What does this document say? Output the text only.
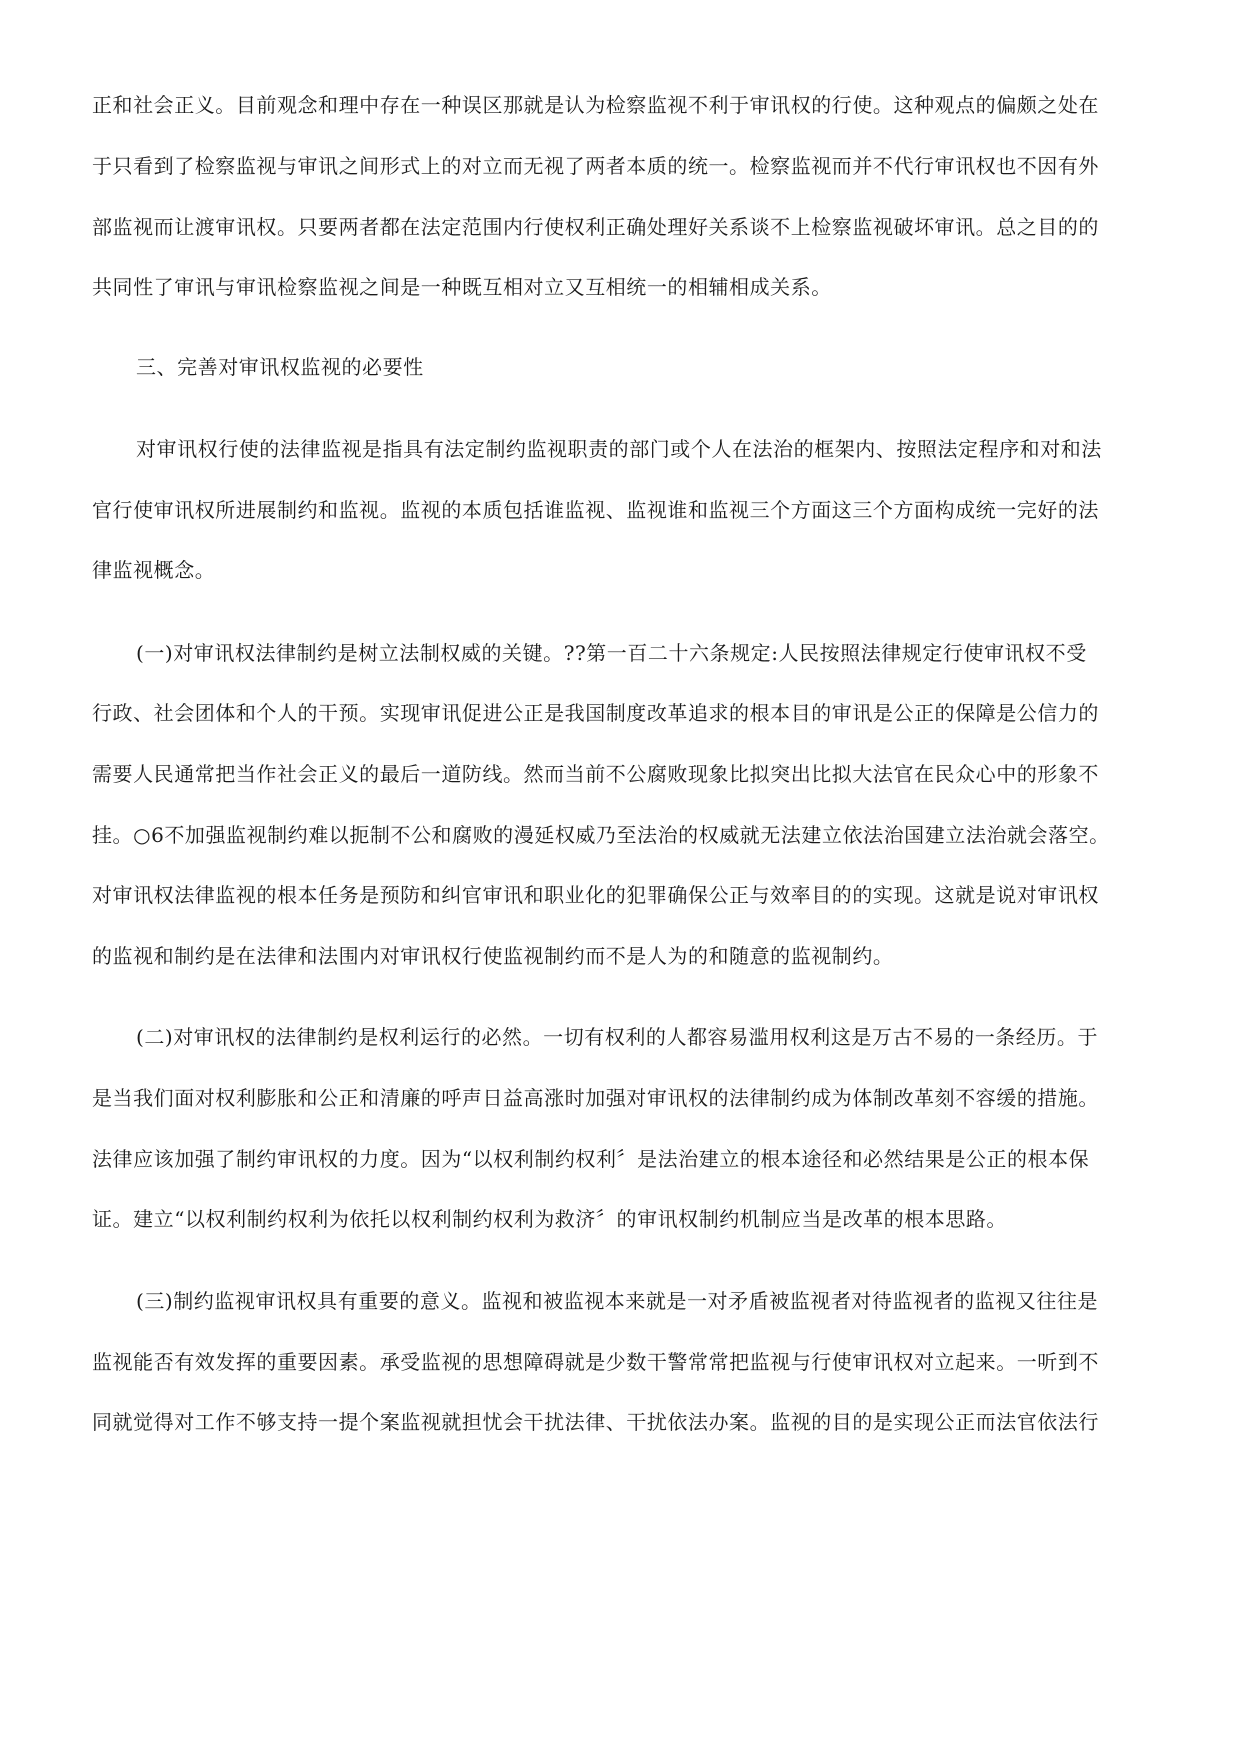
正和社会正义。目前观念和理中存在一种误区那就是认为检察监视不利于审讯权的行使。这种观点的偏颇之处在
于只看到了检察监视与审讯之间形式上的对立而无视了两者本质的统一。检察监视而并不代行审讯权也不因有外
部监视而让渡审讯权。只要两者都在法定范围内行使权利正确处理好关系谈不上检察监视破坏审讯。总之目的的
共同性了审讯与审讯检察监视之间是一种既互相对立又互相统一的相辅相成关系。
三、完善对审讯权监视的必要性
对审讯权行使的法律监视是指具有法定制约监视职责的部门或个人在法治的框架内、按照法定程序和对和法
官行使审讯权所进展制约和监视。监视的本质包括谁监视、监视谁和监视三个方面这三个方面构成统一完好的法
律监视概念。
(一)对审讯权法律制约是树立法制权威的关键。??第一百二十六条规定:人民按照法律规定行使审讯权不受
行政、社会团体和个人的干预。实现审讯促进公正是我国制度改革追求的根本目的审讯是公正的保障是公信力的
需要人民通常把当作社会正义的最后一道防线。然而当前不公腐败现象比拟突出比拟大法官在民众心中的形象不
挂。○6不加强监视制约难以扼制不公和腐败的漫延权威乃至法治的权威就无法建立依法治国建立法治就会落空。
对审讯权法律监视的根本任务是预防和纠官审讯和职业化的犯罪确保公正与效率目的的实现。这就是说对审讯权
的监视和制约是在法律和法围内对审讯权行使监视制约而不是人为的和随意的监视制约。
(二)对审讯权的法律制约是权利运行的必然。一切有权利的人都容易滥用权利这是万古不易的一条经历。于
是当我们面对权利膨胀和公正和清廉的呼声日益高涨时加强对审讯权的法律制约成为体制改革刻不容缓的措施。
法律应该加强了制约审讯权的力度。因为“以权利制约权利〞是法治建立的根本途径和必然结果是公正的根本保
证。建立“以权利制约权利为依托以权利制约权利为救济〞的审讯权制约机制应当是改革的根本思路。
(三)制约监视审讯权具有重要的意义。监视和被监视本来就是一对矛盾被监视者对待监视者的监视又往往是
监视能否有效发挥的重要因素。承受监视的思想障碍就是少数干警常常把监视与行使审讯权对立起来。一听到不
同就觉得对工作不够支持一提个案监视就担忧会干扰法律、干扰依法办案。监视的目的是实现公正而法官依法行
